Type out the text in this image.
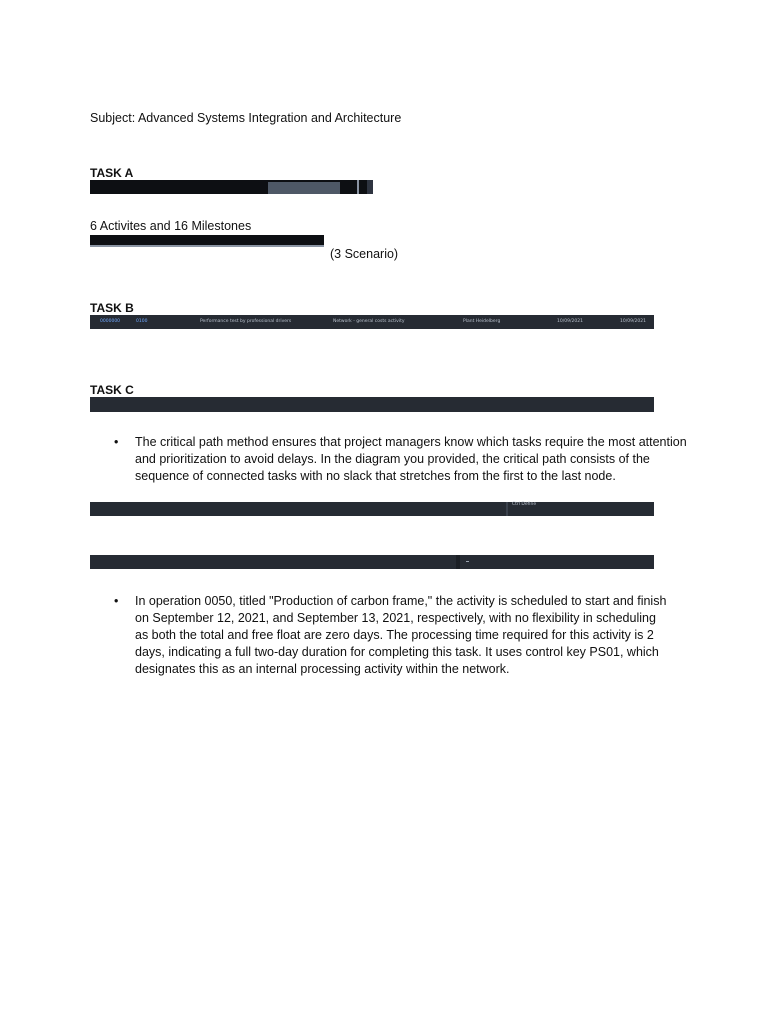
Subject: Advanced Systems Integration and Architecture
TASK A
6 Activites and 16 Milestones
(3 Scenario)
TASK B
0000000	0100	Performance test by professional drivers	Network - general costs activity	Plant Heidelberg	10/09/2021	10/09/2021
TASK C
• The critical path method ensures that project managers know which tasks require the most attention and prioritization to avoid delays. In the diagram you provided, the critical path consists of the sequence of connected tasks with no slack that stretches from the first to the last node.
Ctrl Define
• In operation 0050, titled "Production of carbon frame," the activity is scheduled to start and finish on September 12, 2021, and September 13, 2021, respectively, with no flexibility in scheduling as both the total and free float are zero days. The processing time required for this activity is 2 days, indicating a full two-day duration for completing this task. It uses control key PS01, which designates this as an internal processing activity within the network.
